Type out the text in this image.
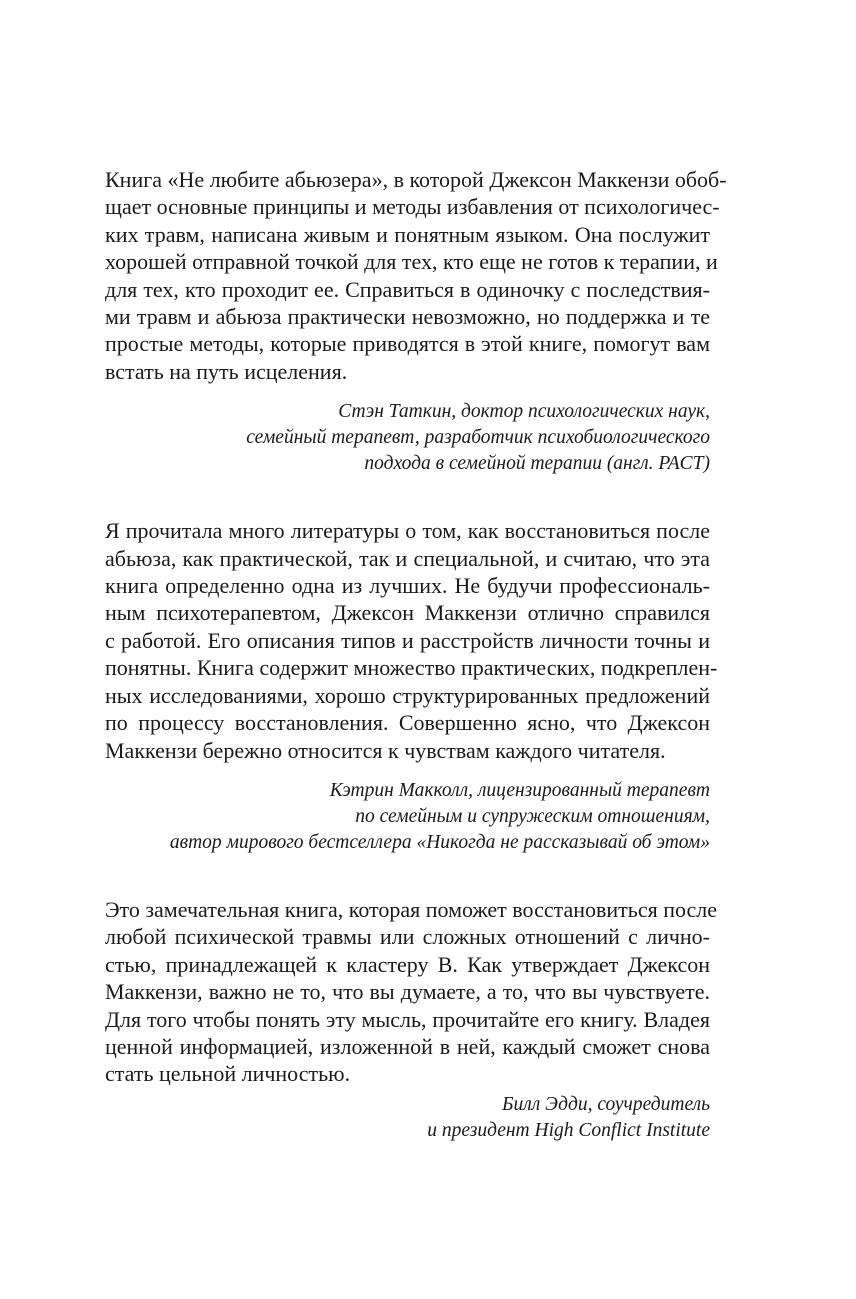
Книга «Не любите абьюзера», в которой Джексон Маккензи обоб-
щает основные принципы и методы избавления от психологичес-
ких травм, написана живым и понятным языком. Она послужит
хорошей отправной точкой для тех, кто еще не готов к терапии, и
для тех, кто проходит ее. Справиться в одиночку с последствия-
ми травм и абьюза практически невозможно, но поддержка и те
простые методы, которые приводятся в этой книге, помогут вам
встать на путь исцеления.

Стэн Таткин, доктор психологических наук,
семейный терапевт, разработчик психобиологического
подхода в семейной терапии (англ. PACT)

Я прочитала много литературы о том, как восстановиться после
абьюза, как практической, так и специальной, и считаю, что эта
книга определенно одна из лучших. Не будучи профессиональ-
ным психотерапевтом, Джексон Маккензи отлично справился
с работой. Его описания типов и расстройств личности точны и
понятны. Книга содержит множество практических, подкреплен-
ных исследованиями, хорошо структурированных предложений
по процессу восстановления. Совершенно ясно, что Джексон
Маккензи бережно относится к чувствам каждого читателя.

Кэтрин Макколл, лицензированный терапевт
по семейным и супружеским отношениям,
автор мирового бестселлера «Никогда не рассказывай об этом»

Это замечательная книга, которая поможет восстановиться после
любой психической травмы или сложных отношений с лично-
стью, принадлежащей к кластеру B. Как утверждает Джексон
Маккензи, важно не то, что вы думаете, а то, что вы чувствуете.
Для того чтобы понять эту мысль, прочитайте его книгу. Владея
ценной информацией, изложенной в ней, каждый сможет снова
стать цельной личностью.

Билл Эдди, соучредитель
и президент High Conflict Institute
